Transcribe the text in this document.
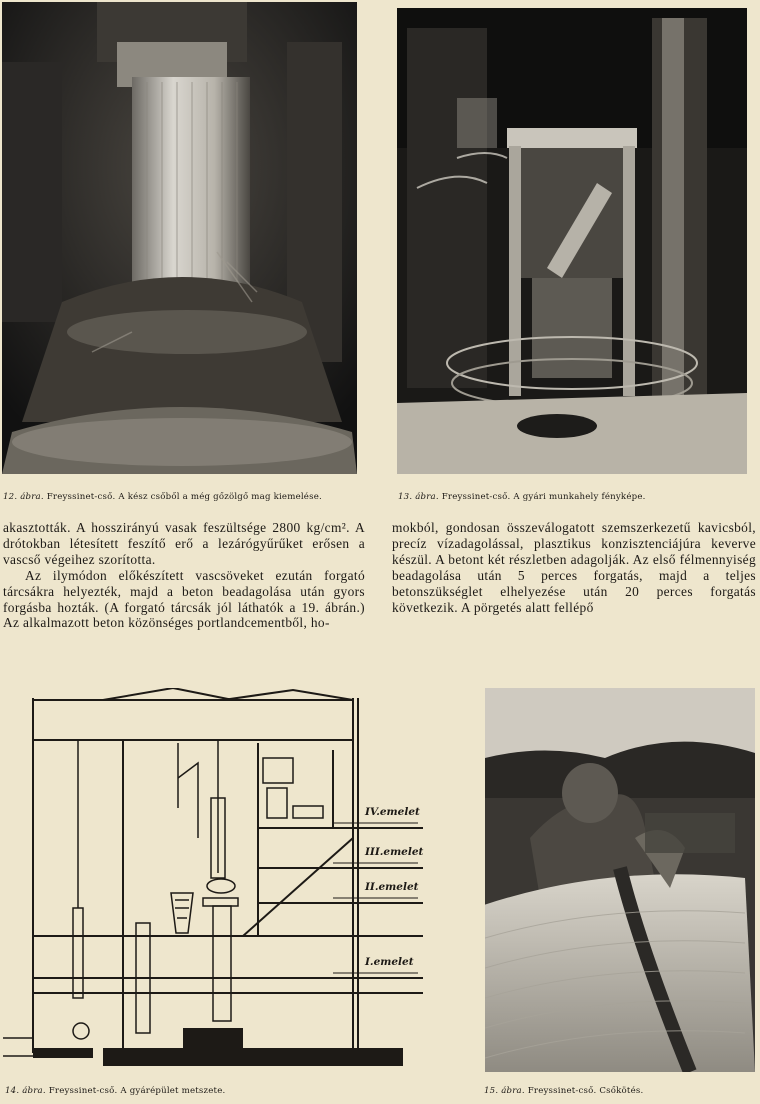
12. ábra. Freyssinet-cső. A kész csőből a még gőzölgő mag kiemelése.	13. ábra. Freyssinet-cső. A gyári munkahely fényképe.

akasztották. A hosszirányú vasak feszültsége 2800 kg/cm². A drótokban létesített feszítő erő a lezárógyűrűket erősen a vascső végeihez szorította.

Az ilymódon előkészített vascsöveket ezután forgató tárcsákra helyezték, majd a beton beadagolása után gyors forgásba hozták. (A forgató tárcsák jól láthatók a 19. ábrán.) Az alkalmazott beton közönséges portlandcementből, ho-

mokból, gondosan összeválogatott szemszerkezetű kavicsból, precíz vízadagolással, plasztikus konzisztenciájúra keverve készül. A betont két részletben adagolják. Az első félmennyiség beadagolása után 5 perces forgatás, majd a teljes betonszükséglet elhelyezése után 20 perces forgatás következik. A pörgetés alatt fellépő

IV.emelet
III.emelet
II.emelet
I.emelet
14. ábra. Freyssinet-cső. A gyárépület metszete.	15. ábra. Freyssinet-cső. Csőkötés.
